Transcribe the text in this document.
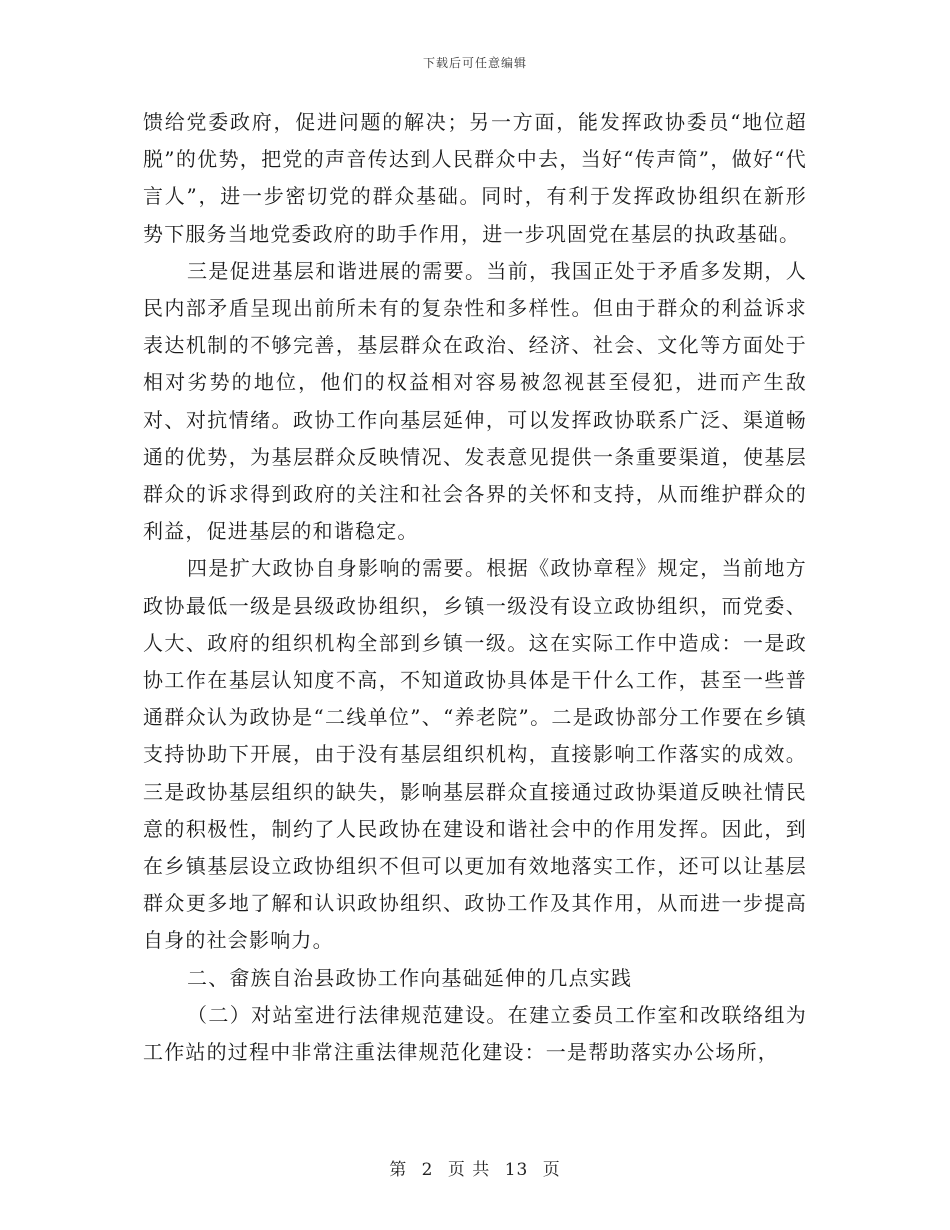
下载后可任意编辑

馈给党委政府，促进问题的解决；另一方面，能发挥政协委员“地位超脱”的优势，把党的声音传达到人民群众中去，当好“传声筒”，做好“代言人”，进一步密切党的群众基础。同时，有利于发挥政协组织在新形势下服务当地党委政府的助手作用，进一步巩固党在基层的执政基础。

三是促进基层和谐进展的需要。当前，我国正处于矛盾多发期，人民内部矛盾呈现出前所未有的复杂性和多样性。但由于群众的利益诉求表达机制的不够完善，基层群众在政治、经济、社会、文化等方面处于相对劣势的地位，他们的权益相对容易被忽视甚至侵犯，进而产生敌对、对抗情绪。政协工作向基层延伸，可以发挥政协联系广泛、渠道畅通的优势，为基层群众反映情况、发表意见提供一条重要渠道，使基层群众的诉求得到政府的关注和社会各界的关怀和支持，从而维护群众的利益，促进基层的和谐稳定。

四是扩大政协自身影响的需要。根据《政协章程》规定，当前地方政协最低一级是县级政协组织，乡镇一级没有设立政协组织，而党委、人大、政府的组织机构全部到乡镇一级。这在实际工作中造成：一是政协工作在基层认知度不高，不知道政协具体是干什么工作，甚至一些普通群众认为政协是“二线单位”、“养老院”。二是政协部分工作要在乡镇支持协助下开展，由于没有基层组织机构，直接影响工作落实的成效。三是政协基层组织的缺失，影响基层群众直接通过政协渠道反映社情民意的积极性，制约了人民政协在建设和谐社会中的作用发挥。因此，到在乡镇基层设立政协组织不但可以更加有效地落实工作，还可以让基层群众更多地了解和认识政协组织、政协工作及其作用，从而进一步提高自身的社会影响力。

二、畲族自治县政协工作向基础延伸的几点实践

（二）对站室进行法律规范建设。在建立委员工作室和改联络组为工作站的过程中非常注重法律规范化建设：一是帮助落实办公场所，

第 2 页 共 13 页
